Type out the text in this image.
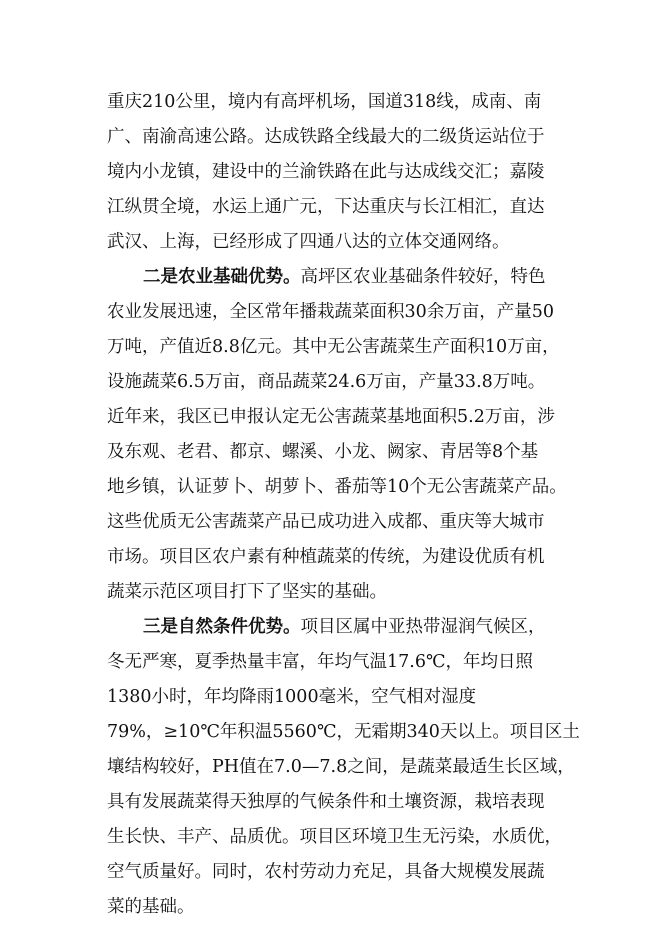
重庆210公里，境内有高坪机场，国道318线，成南、南
广、南渝高速公路。达成铁路全线最大的二级货运站位于
境内小龙镇，建设中的兰渝铁路在此与达成线交汇；嘉陵
江纵贯全境，水运上通广元，下达重庆与长江相汇，直达
武汉、上海，已经形成了四通八达的立体交通网络。
二是农业基础优势。高坪区农业基础条件较好，特色
农业发展迅速，全区常年播栽蔬菜面积30余万亩，产量50
万吨，产值近8.8亿元。其中无公害蔬菜生产面积10万亩，
设施蔬菜6.5万亩，商品蔬菜24.6万亩，产量33.8万吨。
近年来，我区已申报认定无公害蔬菜基地面积5.2万亩，涉
及东观、老君、都京、螺溪、小龙、阙家、青居等8个基
地乡镇，认证萝卜、胡萝卜、番茄等10个无公害蔬菜产品。
这些优质无公害蔬菜产品已成功进入成都、重庆等大城市
市场。项目区农户素有种植蔬菜的传统，为建设优质有机
蔬菜示范区项目打下了坚实的基础。
三是自然条件优势。项目区属中亚热带湿润气候区，
冬无严寒，夏季热量丰富，年均气温17.6℃，年均日照
1380小时，年均降雨1000毫米，空气相对湿度
79%，≥10℃年积温5560℃，无霜期340天以上。项目区土
壤结构较好，PH值在7.0—7.8之间，是蔬菜最适生长区域，
具有发展蔬菜得天独厚的气候条件和土壤资源，栽培表现
生长快、丰产、品质优。项目区环境卫生无污染，水质优，
空气质量好。同时，农村劳动力充足，具备大规模发展蔬
菜的基础。
